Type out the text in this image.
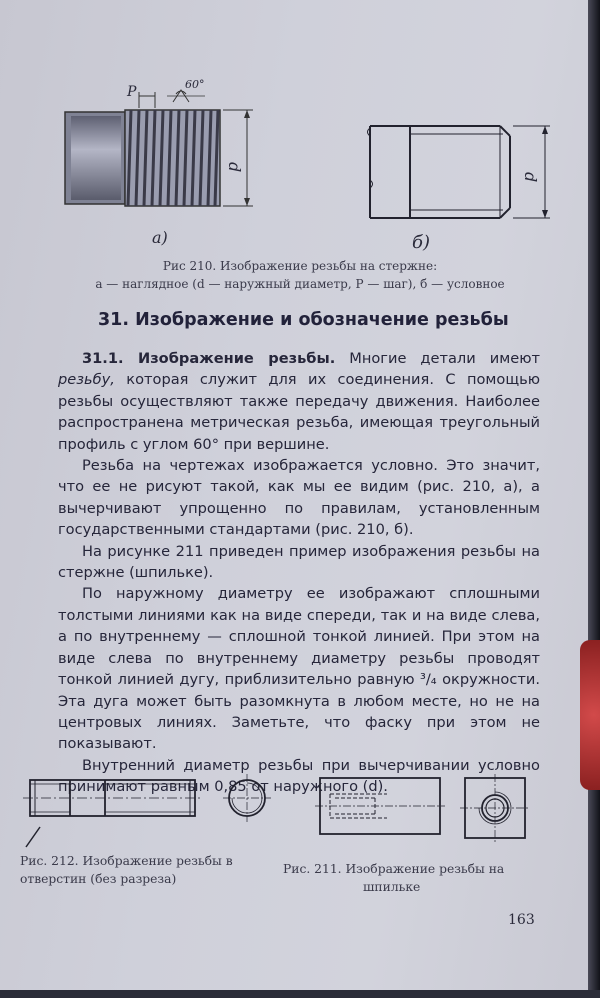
P	60°
d
d
а)	б)
Рис 210. Изображение резьбы на стержне:
а — наглядное (d — наружный диаметр, P — шаг), б — условное
31. Изображение и обозначение резьбы

31.1. Изображение резьбы. Многие детали имеют резьбу, которая служит для их соединения. С помощью резьбы осуществляют также передачу движения. Наиболее распространена метрическая резьба, имеющая треугольный профиль с углом 60° при вершине.

Резьба на чертежах изображается условно. Это значит, что ее не рисуют такой, как мы ее видим (рис. 210, а), а вычерчивают упрощенно по правилам, установленным государственными стандартами (рис. 210, б).

На рисунке 211 приведен пример изображения резьбы на стержне (шпильке).

По наружному диаметру ее изображают сплошными толстыми линиями как на виде спереди, так и на виде слева, а по внутреннему — сплошной тонкой линией. При этом на виде слева по внутреннему диаметру резьбы проводят тонкой линией дугу, приблизительно равную ³/₄ окружности. Эта дуга может быть разомкнута в любом месте, но не на центровых линиях. Заметьте, что фаску при этом не показывают.

Внутренний диаметр резьбы при вычерчивании условно принимают равным 0,85 от наружного (d).

Рис. 212. Изображение резьбы в отверстин (без разреза)
Рис. 211. Изображение резьбы на
шпильке
163
